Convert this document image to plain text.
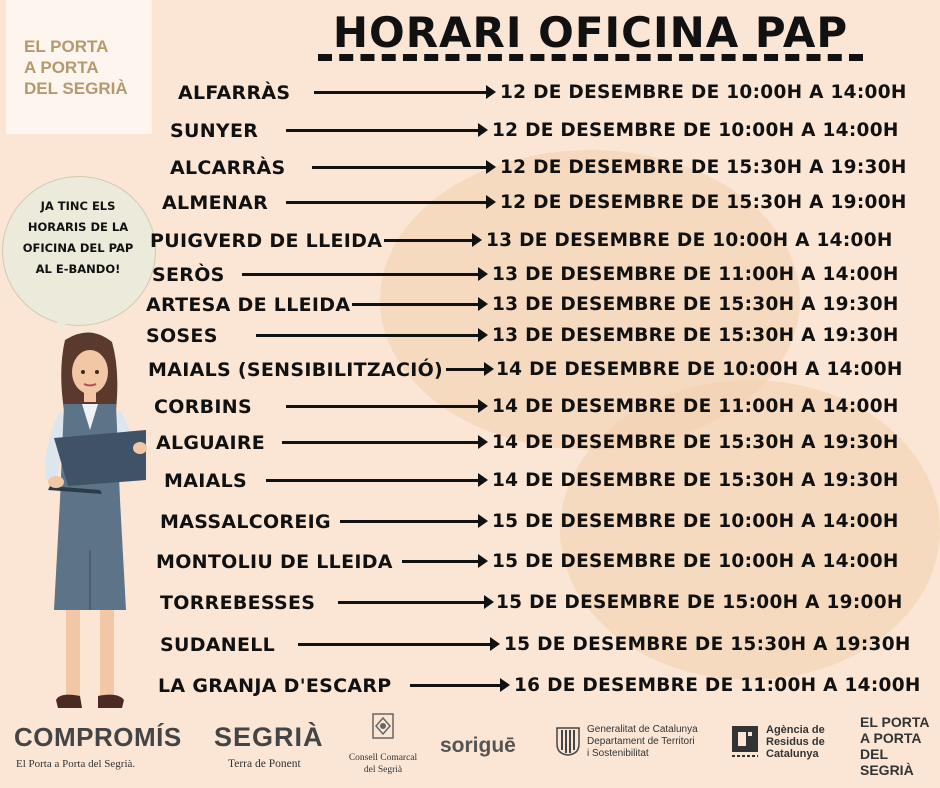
EL PORTA
A PORTA
DEL SEGRIÀ
HORARI OFICINA PAP
JA TINC ELS
HORARIS DE LA
OFICINA DEL PAP
AL E-BANDO!
ALFARRÀS	12 DE DESEMBRE DE 10:00H A 14:00H
SUNYER	12 DE DESEMBRE DE 10:00H A 14:00H
ALCARRÀS	12 DE DESEMBRE DE 15:30H A 19:30H
ALMENAR	12 DE DESEMBRE DE 15:30H A 19:00H
PUIGVERD DE LLEIDA	13 DE DESEMBRE DE 10:00H A 14:00H
SERÒS	13 DE DESEMBRE DE 11:00H A 14:00H
ARTESA DE LLEIDA	13 DE DESEMBRE DE 15:30H A 19:30H
SOSES	13 DE DESEMBRE DE 15:30H A 19:30H
MAIALS (SENSIBILITZACIÓ)	14 DE DESEMBRE DE 10:00H A 14:00H
CORBINS	14 DE DESEMBRE DE 11:00H A 14:00H
ALGUAIRE	14 DE DESEMBRE DE 15:30H A 19:30H
MAIALS	14 DE DESEMBRE DE 15:30H A 19:30H
MASSALCOREIG	15 DE DESEMBRE DE 10:00H A 14:00H
MONTOLIU DE LLEIDA	15 DE DESEMBRE DE 10:00H A 14:00H
TORREBESSES	15 DE DESEMBRE DE 15:00H A 19:00H
SUDANELL	15 DE DESEMBRE DE 15:30H A 19:30H
LA GRANJA D'ESCARP	16 DE DESEMBRE DE 11:00H A 14:00H
COMPROMÍS
El Porta a Porta del Segrià.
SEGRIÀ
Terra de Ponent	Consell Comarcal
del Segrià
soriguē
Generalitat de Catalunya
Departament de Territori
i Sostenibilitat
Agència de
Residus de
Catalunya
EL PORTA
A PORTA
DEL SEGRIÀ
